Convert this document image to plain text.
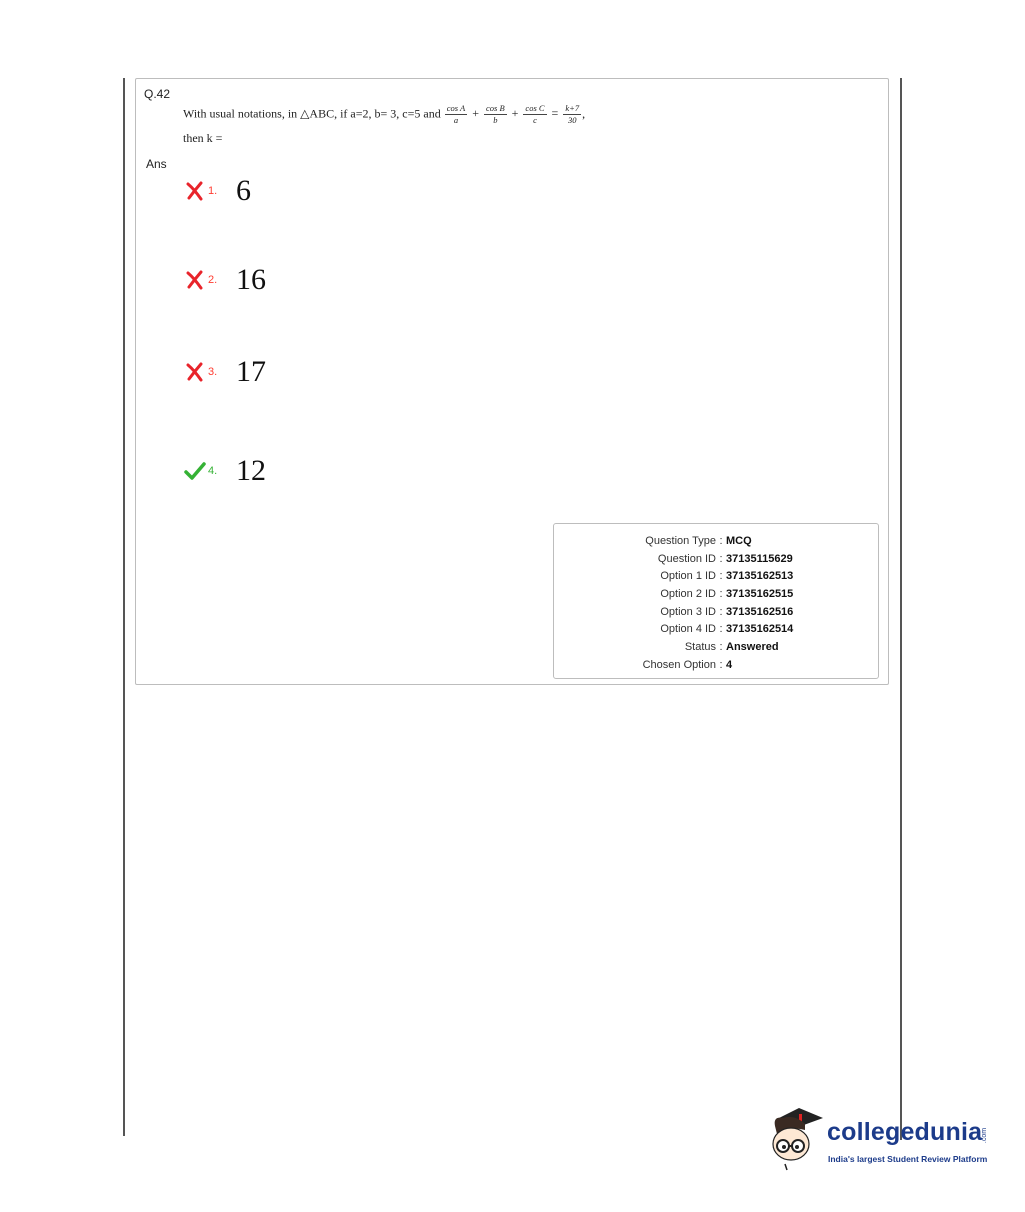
Q.42
With usual notations, in △ABC, if a=2, b= 3, c=5 and $\frac{\text{cos A}}{a} + \frac{\text{cos B}}{b} + \frac{\text{cos C}}{c} = \frac{k+7}{30}$ ,
then k =
Ans
1. 6
2. 16
3. 17
4. 12
Question Type : MCQ
Question ID : 37135115629
Option 1 ID : 37135162513
Option 2 ID : 37135162515
Option 3 ID : 37135162516
Option 4 ID : 37135162514
Status : Answered
Chosen Option : 4
collegedunia
.com
India's largest Student Review Platform
